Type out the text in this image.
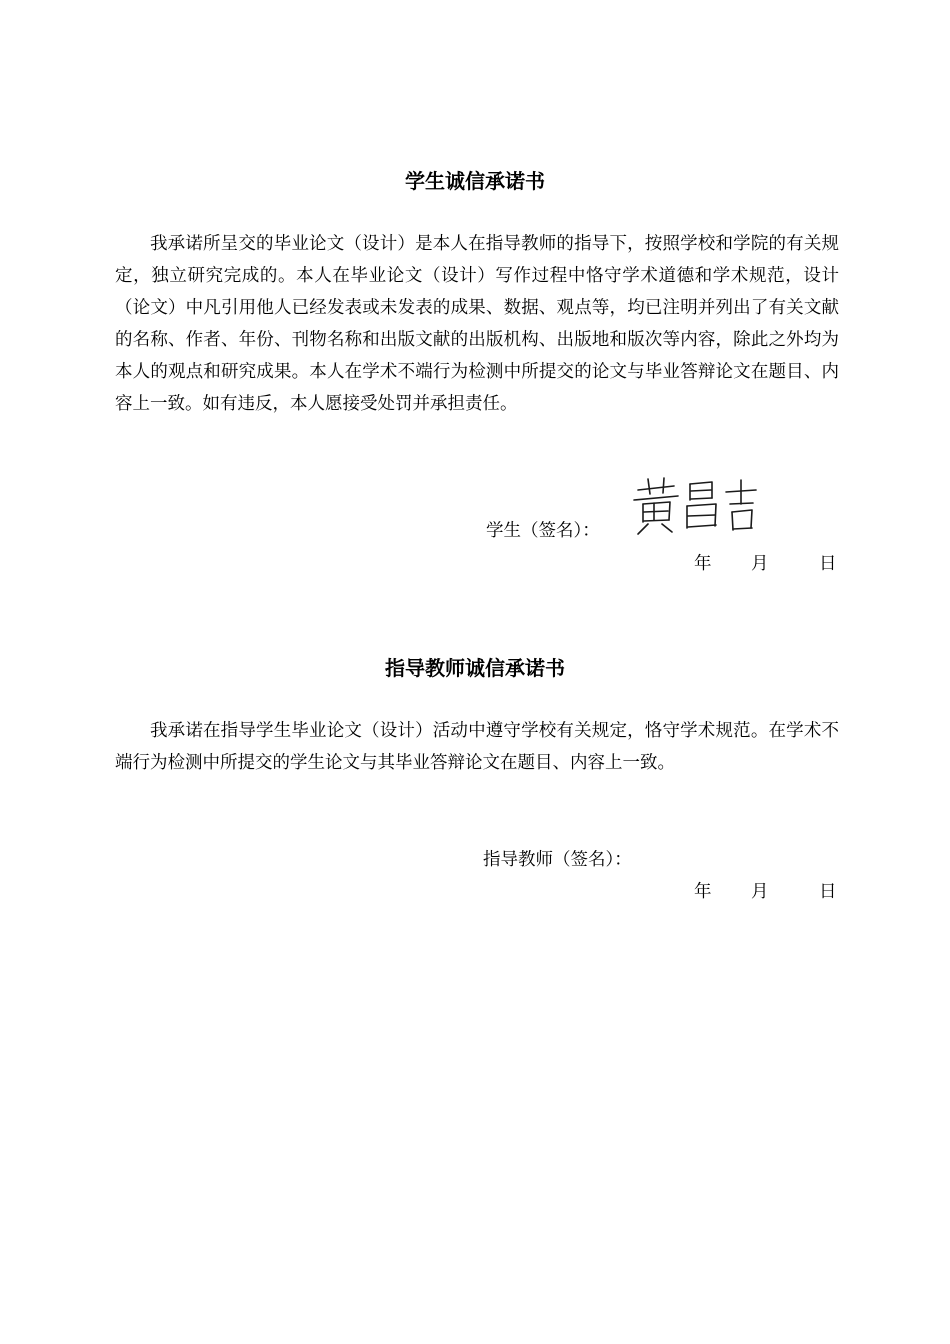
学生诚信承诺书

我承诺所呈交的毕业论文（设计）是本人在指导教师的指导下，按照学校和学院的有关规定，独立研究完成的。本人在毕业论文（设计）写作过程中恪守学术道德和学术规范，设计（论文）中凡引用他人已经发表或未发表的成果、数据、观点等，均已注明并列出了有关文献的名称、作者、年份、刊物名称和出版文献的出版机构、出版地和版次等内容，除此之外均为本人的观点和研究成果。本人在学术不端行为检测中所提交的论文与毕业答辩论文在题目、内容上一致。如有违反，本人愿接受处罚并承担责任。

学生（签名）：
年 月	日
指导教师诚信承诺书

我承诺在指导学生毕业论文（设计）活动中遵守学校有关规定，恪守学术规范。在学术不端行为检测中所提交的学生论文与其毕业答辩论文在题目、内容上一致。

指导教师（签名）：
年 月	日
